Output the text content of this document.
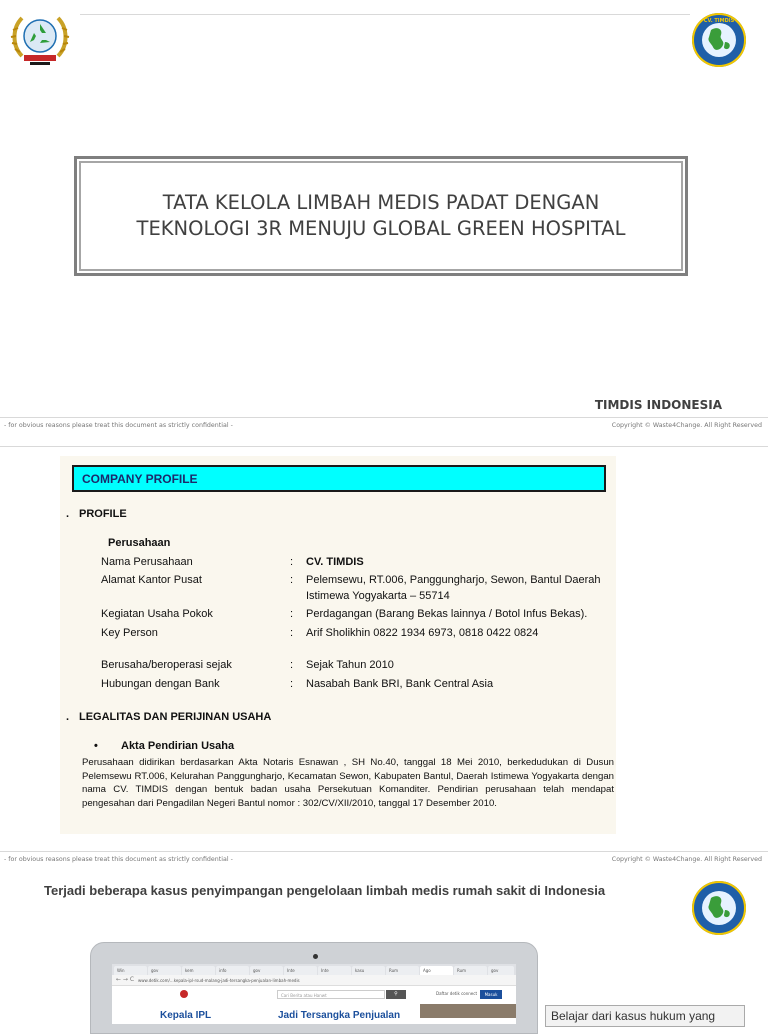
CV. TIMDIS
TATA KELOLA LIMBAH MEDIS PADAT DENGAN
TEKNOLOGI 3R MENUJU GLOBAL GREEN HOSPITAL
TIMDIS INDONESIA
- for obvious reasons please treat this document as strictly confidential -	Copyright © Waste4Change. All Right Reserved
COMPANY PROFILE
. PROFILE
Perusahaan
Nama Perusahaan	: CV. TIMDIS
Alamat Kantor Pusat	: Pelemsewu, RT.006, Panggungharjo, Sewon, Bantul Daerah
Istimewa Yogyakarta – 55714
Kegiatan Usaha Pokok	: Perdagangan (Barang Bekas lainnya / Botol Infus Bekas).
Key Person	: Arif Sholikhin 0822 1934 6973, 0818 0422 0824
Berusaha/beroperasi sejak	: Sejak Tahun 2010
Hubungan dengan Bank	: Nasabah Bank BRI, Bank Central Asia
. LEGALITAS DAN PERIJINAN USAHA
• Akta Pendirian Usaha
Perusahaan didirikan berdasarkan Akta Notaris Esnawan , SH No.40, tanggal 18 Mei 2010, berkedudukan di Dusun Pelemsewu RT.006, Kelurahan Panggungharjo, Kecamatan Sewon, Kabupaten Bantul, Daerah Istimewa Yogyakarta dengan nama CV. TIMDIS dengan bentuk badan usaha Persekutuan Komanditer. Pendirian perusahaan telah mendapat pengesahan dari Pengadilan Negeri Bantul nomor : 302/CV/XII/2010, tanggal 17 Desember 2010.
- for obvious reasons please treat this document as strictly confidential -	Copyright © Waste4Change. All Right Reserved
Terjadi beberapa kasus penyimpangan pengelolaan limbah medis rumah sakit di Indonesia
Win	gov	kem	info	gov	Inte	Inte	kasu	Rum	Ago	Rum	gov
www.detik.com/...kepala-ipl-rsud-malang-jadi-tersangka-penjualan-limbah-medis
← → C
Cari Berita atau Hanwt	⚲	Daftar detik connect	Masuk
Kepala IPL	Jadi Tersangka Penjualan	Belajar dari kasus hukum yang
